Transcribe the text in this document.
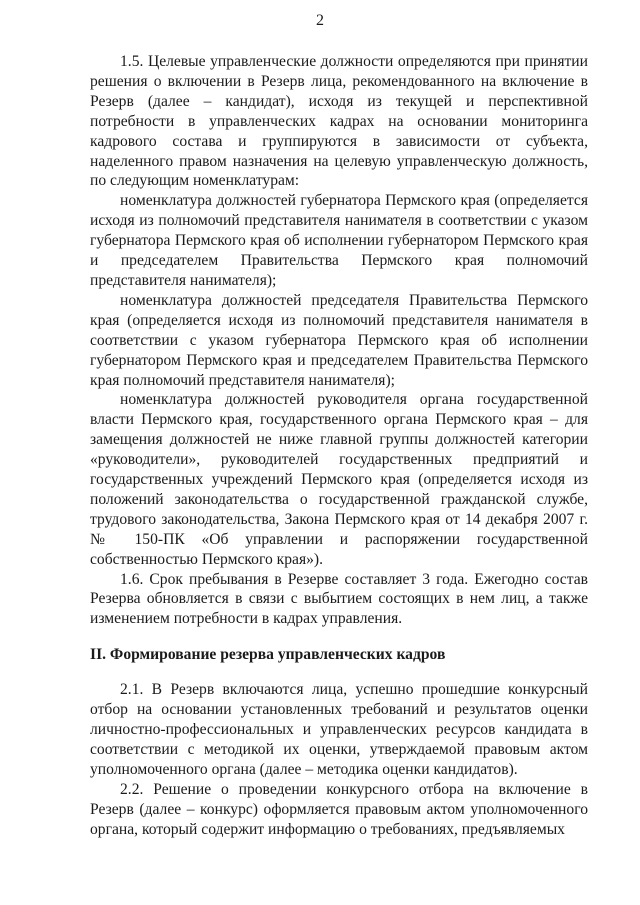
2

1.5. Целевые управленческие должности определяются при принятии решения о включении в Резерв лица, рекомендованного на включение в Резерв (далее – кандидат), исходя из текущей и перспективной потребности в управленческих кадрах на основании мониторинга кадрового состава и группируются в зависимости от субъекта, наделенного правом назначения на целевую управленческую должность, по следующим номенклатурам:

номенклатура должностей губернатора Пермского края (определяется исходя из полномочий представителя нанимателя в соответствии с указом губернатора Пермского края об исполнении губернатором Пермского края и председателем Правительства Пермского края полномочий представителя нанимателя);

номенклатура должностей председателя Правительства Пермского края (определяется исходя из полномочий представителя нанимателя в соответствии с указом губернатора Пермского края об исполнении губернатором Пермского края и председателем Правительства Пермского края полномочий представителя нанимателя);

номенклатура должностей руководителя органа государственной власти Пермского края, государственного органа Пермского края – для замещения должностей не ниже главной группы должностей категории «руководители», руководителей государственных предприятий и государственных учреждений Пермского края (определяется исходя из положений законодательства о государственной гражданской службе, трудового законодательства, Закона Пермского края от 14 декабря 2007 г. № 150-ПК «Об управлении и распоряжении государственной собственностью Пермского края»).

1.6. Срок пребывания в Резерве составляет 3 года. Ежегодно состав Резерва обновляется в связи с выбытием состоящих в нем лиц, а также изменением потребности в кадрах управления.

II. Формирование резерва управленческих кадров

2.1. В Резерв включаются лица, успешно прошедшие конкурсный отбор на основании установленных требований и результатов оценки личностно-профессиональных и управленческих ресурсов кандидата в соответствии с методикой их оценки, утверждаемой правовым актом уполномоченного органа (далее – методика оценки кандидатов).

2.2. Решение о проведении конкурсного отбора на включение в Резерв (далее – конкурс) оформляется правовым актом уполномоченного органа, который содержит информацию о требованиях, предъявляемых
